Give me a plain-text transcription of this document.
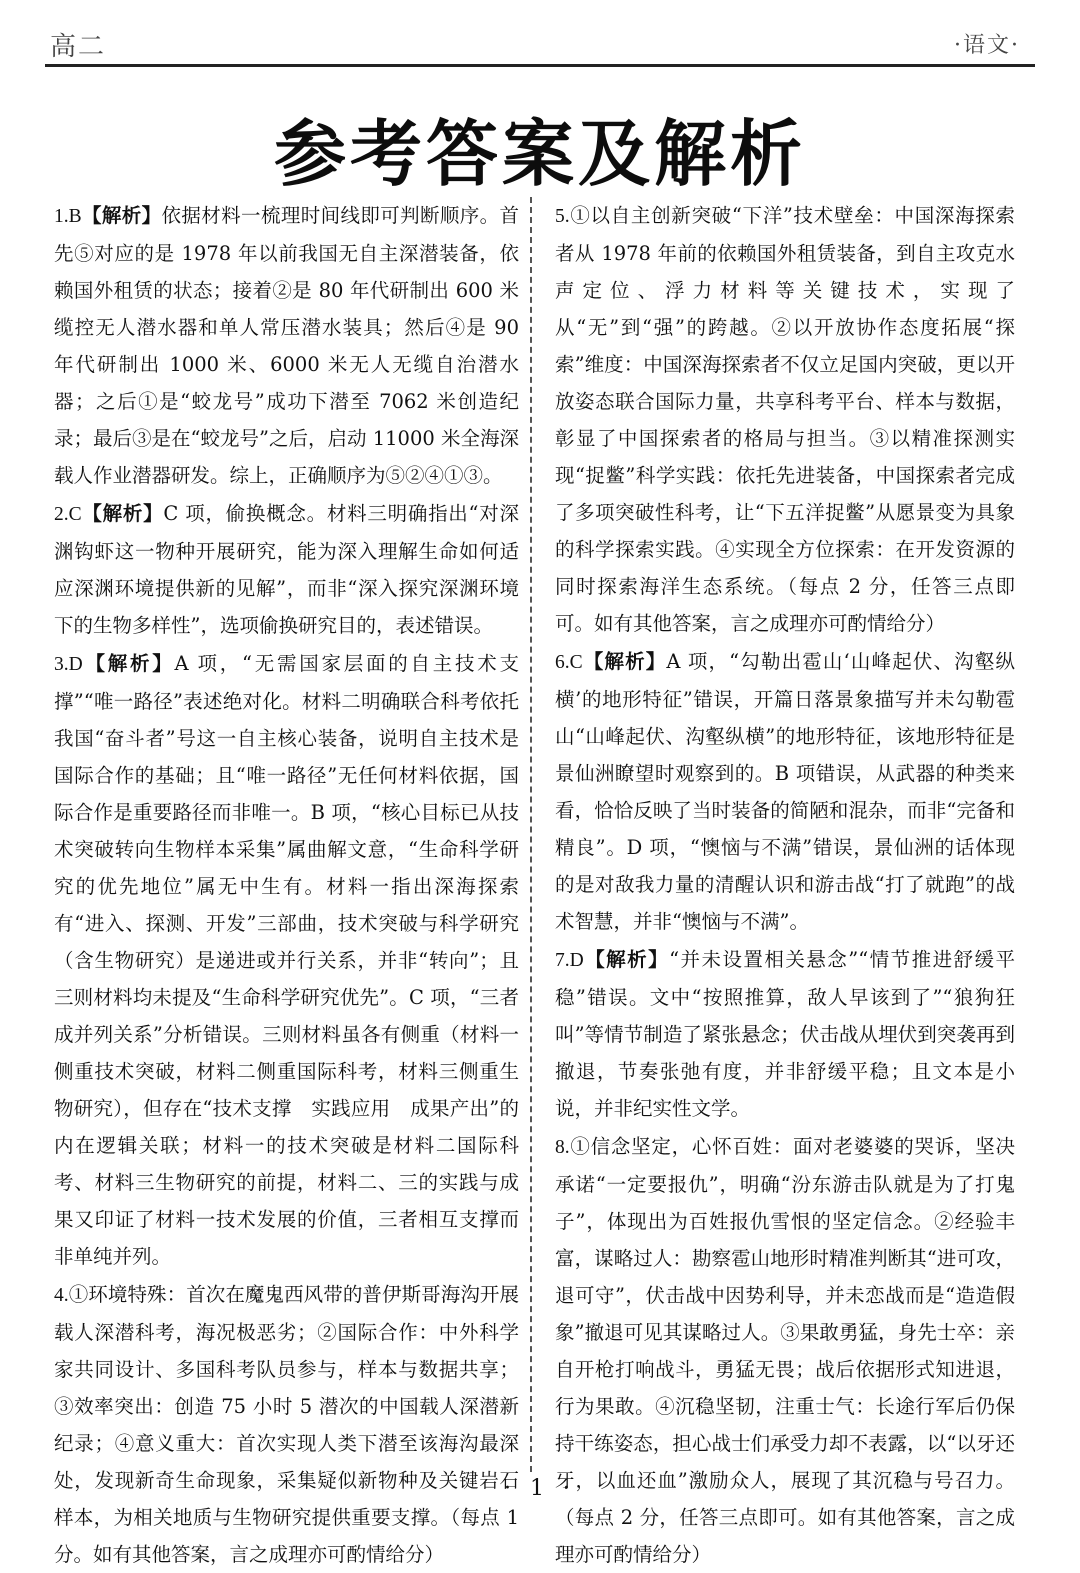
高二	·语文·
参考答案及解析

1.B【解析】依据材料一梳理时间线即可判断顺序。首先⑤对应的是 1978 年以前我国无自主深潜装备，依赖国外租赁的状态；接着②是 80 年代研制出 600 米缆控无人潜水器和单人常压潜水装具；然后④是 90 年代研制出 1000 米、6000 米无人无缆自治潜水器；之后①是“蛟龙号”成功下潜至 7062 米创造纪录；最后③是在“蛟龙号”之后，启动 11000 米全海深载人作业潜器研发。综上，正确顺序为⑤②④①③。

2.C【解析】C 项，偷换概念。材料三明确指出“对深渊钩虾这一物种开展研究，能为深入理解生命如何适应深渊环境提供新的见解”，而非“深入探究深渊环境下的生物多样性”，选项偷换研究目的，表述错误。

3.D【解析】A 项，“无需国家层面的自主技术支撑”“唯一路径”表述绝对化。材料二明确联合科考依托我国“奋斗者”号这一自主核心装备，说明自主技术是国际合作的基础；且“唯一路径”无任何材料依据，国际合作是重要路径而非唯一。B 项，“核心目标已从技术突破转向生物样本采集”属曲解文意，“生命科学研究的优先地位”属无中生有。材料一指出深海探索有“进入、探测、开发”三部曲，技术突破与科学研究（含生物研究）是递进或并行关系，并非“转向”；且三则材料均未提及“生命科学研究优先”。C 项，“三者成并列关系”分析错误。三则材料虽各有侧重（材料一侧重技术突破，材料二侧重国际科考，材料三侧重生物研究），但存在“技术支撑　实践应用　成果产出”的内在逻辑关联；材料一的技术突破是材料二国际科考、材料三生物研究的前提，材料二、三的实践与成果又印证了材料一技术发展的价值，三者相互支撑而非单纯并列。

4.①环境特殊：首次在魔鬼西风带的普伊斯哥海沟开展载人深潜科考，海况极恶劣；②国际合作：中外科学家共同设计、多国科考队员参与，样本与数据共享；③效率突出：创造 75 小时 5 潜次的中国载人深潜新纪录；④意义重大：首次实现人类下潜至该海沟最深处，发现新奇生命现象，采集疑似新物种及关键岩石样本，为相关地质与生物研究提供重要支撑。（每点 1 分。如有其他答案，言之成理亦可酌情给分）

5.①以自主创新突破“下洋”技术壁垒：中国深海探索者从 1978 年前的依赖国外租赁装备，到自主攻克水声定位、浮力材料等关键技术，实现了从“无”到“强”的跨越。②以开放协作态度拓展“探索”维度：中国深海探索者不仅立足国内突破，更以开放姿态联合国际力量，共享科考平台、样本与数据，彰显了中国探索者的格局与担当。③以精准探测实现“捉鳖”科学实践：依托先进装备，中国探索者完成了多项突破性科考，让“下五洋捉鳖”从愿景变为具象的科学探索实践。④实现全方位探索：在开发资源的同时探索海洋生态系统。（每点 2 分，任答三点即可。如有其他答案，言之成理亦可酌情给分）

6.C【解析】A 项，“勾勒出雹山‘山峰起伏、沟壑纵横’的地形特征”错误，开篇日落景象描写并未勾勒雹山“山峰起伏、沟壑纵横”的地形特征，该地形特征是景仙洲瞭望时观察到的。B 项错误，从武器的种类来看，恰恰反映了当时装备的简陋和混杂，而非“完备和精良”。D 项，“懊恼与不满”错误，景仙洲的话体现的是对敌我力量的清醒认识和游击战“打了就跑”的战术智慧，并非“懊恼与不满”。

7.D【解析】“并未设置相关悬念”“情节推进舒缓平稳”错误。文中“按照推算，敌人早该到了”“狼狗狂叫”等情节制造了紧张悬念；伏击战从埋伏到突袭再到撤退，节奏张弛有度，并非舒缓平稳；且文本是小说，并非纪实性文学。

8.①信念坚定，心怀百姓：面对老婆婆的哭诉，坚决承诺“一定要报仇”，明确“汾东游击队就是为了打鬼子”，体现出为百姓报仇雪恨的坚定信念。②经验丰富，谋略过人：勘察雹山地形时精准判断其“进可攻，退可守”，伏击战中因势利导，并未恋战而是“造造假象”撤退可见其谋略过人。③果敢勇猛，身先士卒：亲自开枪打响战斗，勇猛无畏；战后依据形式知进退，行为果敢。④沉稳坚韧，注重士气：长途行军后仍保持干练姿态，担心战士们承受力却不表露，以“以牙还牙，以血还血”激励众人，展现了其沉稳与号召力。（每点 2 分，任答三点即可。如有其他答案，言之成理亦可酌情给分）

· 1 ·
